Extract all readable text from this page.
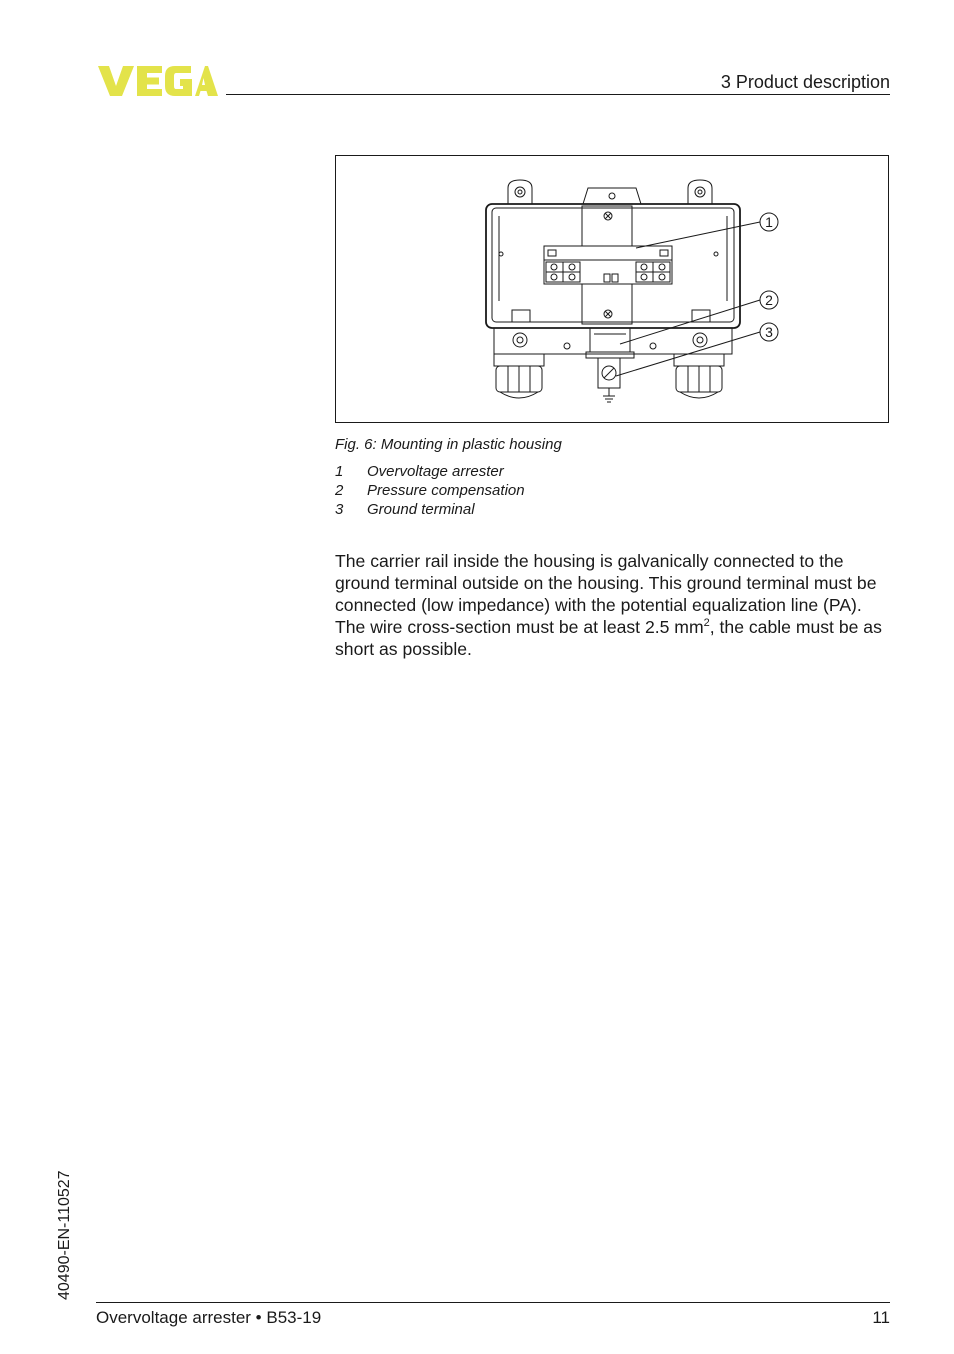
3 Product description
1
2
3
Fig. 6: Mounting in plastic housing
1 Overvoltage arrester
2 Pressure compensation
3 Ground terminal

The carrier rail inside the housing is galvanically connected to the ground terminal outside on the housing. This ground terminal must be connected (low impedance) with the potential equalization line (PA). The wire cross-section must be at least 2.5 $mm^2$, the cable must be as short as possible.

40490-EN-110527
Overvoltage arrester • B53-19	11
